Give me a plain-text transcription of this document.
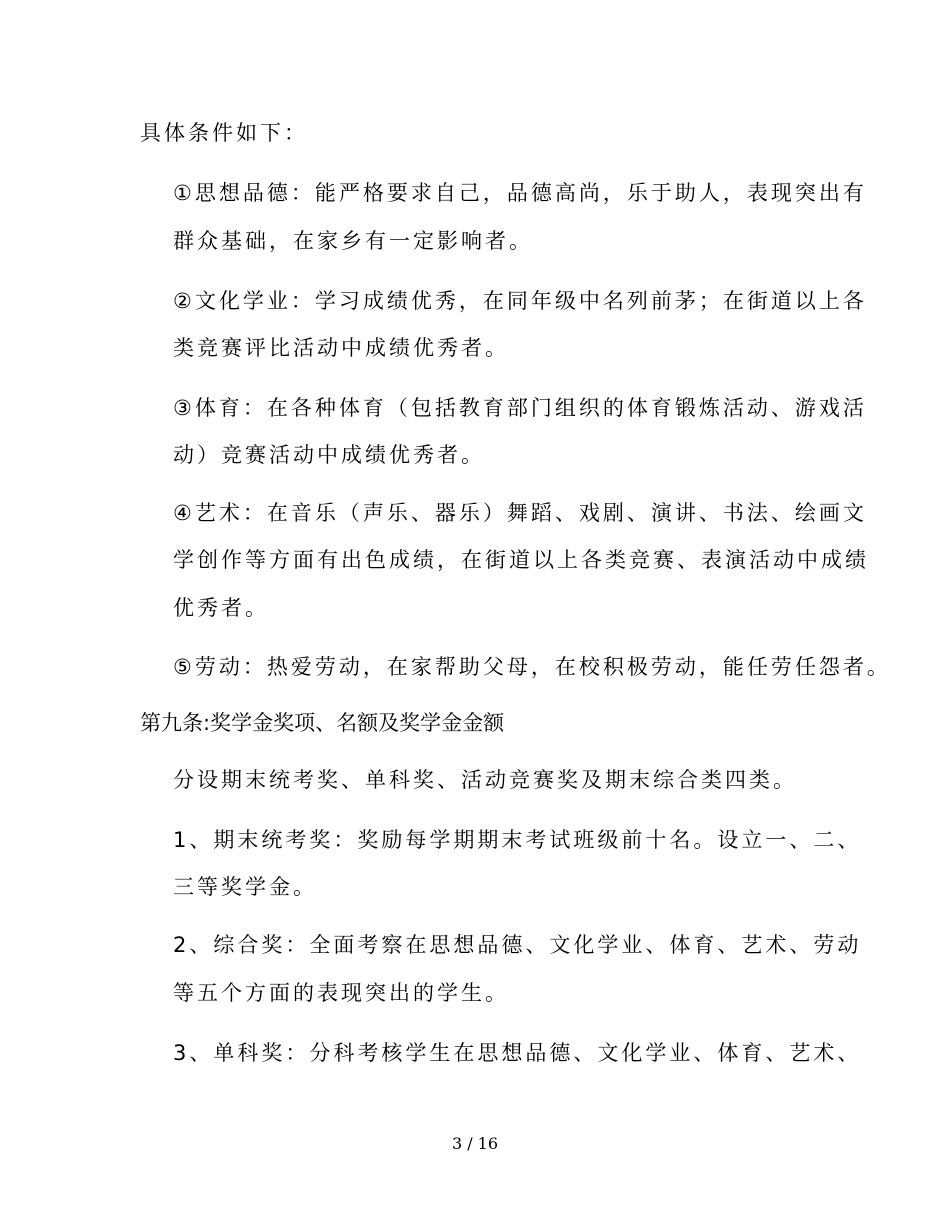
具体条件如下：
①思想品德：能严格要求自己，品德高尚，乐于助人，表现突出有
群众基础，在家乡有一定影响者。
②文化学业：学习成绩优秀，在同年级中名列前茅；在街道以上各
类竞赛评比活动中成绩优秀者。
③体育：在各种体育（包括教育部门组织的体育锻炼活动、游戏活
动）竞赛活动中成绩优秀者。
④艺术：在音乐（声乐、器乐）舞蹈、戏剧、演讲、书法、绘画文
学创作等方面有出色成绩，在街道以上各类竞赛、表演活动中成绩
优秀者。
⑤劳动：热爱劳动，在家帮助父母，在校积极劳动，能任劳任怨者。
第九条:奖学金奖项、名额及奖学金金额
分设期末统考奖、单科奖、活动竞赛奖及期末综合类四类。
1、期末统考奖：奖励每学期期末考试班级前十名。设立一、二、
三等奖学金。
2、综合奖：全面考察在思想品德、文化学业、体育、艺术、劳动
等五个方面的表现突出的学生。
3、单科奖：分科考核学生在思想品德、文化学业、体育、艺术、
3 / 16
